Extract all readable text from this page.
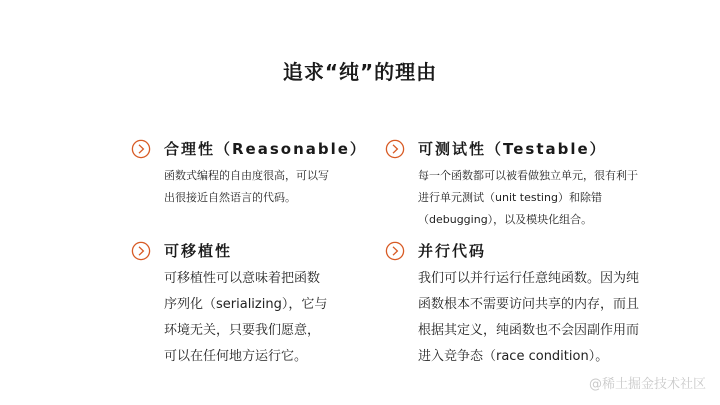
追求“纯”的理由
合理性（Reasonable）
函数式编程的自由度很高，可以写
出很接近自然语言的代码。
可测试性（Testable）
每一个函数都可以被看做独立单元，很有利于
进行单元测试（unit testing）和除错
（debugging），以及模块化组合。
可移植性
可移植性可以意味着把函数
序列化（serializing），它与
环境无关，只要我们愿意，
可以在任何地方运行它。
并行代码
我们可以并行运行任意纯函数。因为纯
函数根本不需要访问共享的内存，而且
根据其定义，纯函数也不会因副作用而
进入竞争态（race condition）。
@稀土掘金技术社区
